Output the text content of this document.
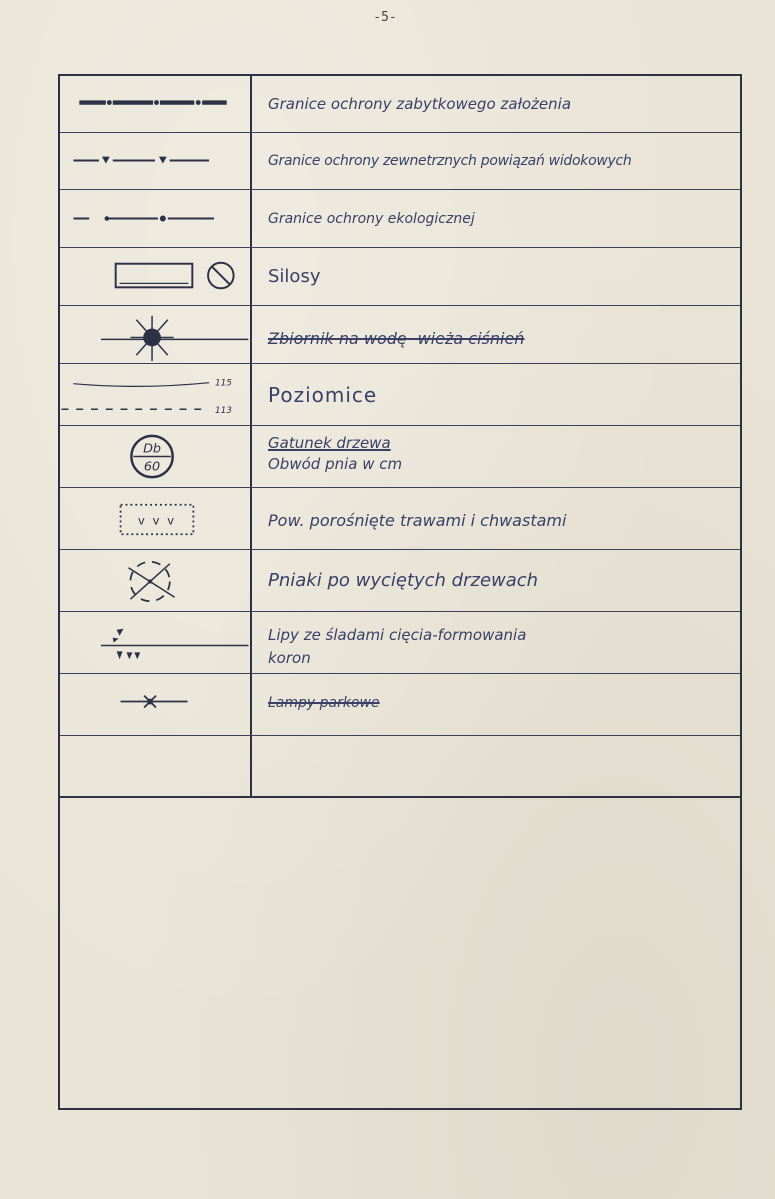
-5-
Granice ochrony zabytkowego założenia
Granice ochrony zewnetrznych powiązań widokowych
Granice ochrony ekologicznej
Silosy
Zbiornik na wodę- wieża ciśnień
115
113
Poziomice
Db
60
Gatunek drzewa
Obwód pnia w cm
v v v	Pow. porośnięte trawami i chwastami
Pniaki po wyciętych drzewach
Lipy ze śladami cięcia-formowania
koron
Lampy parkowe
